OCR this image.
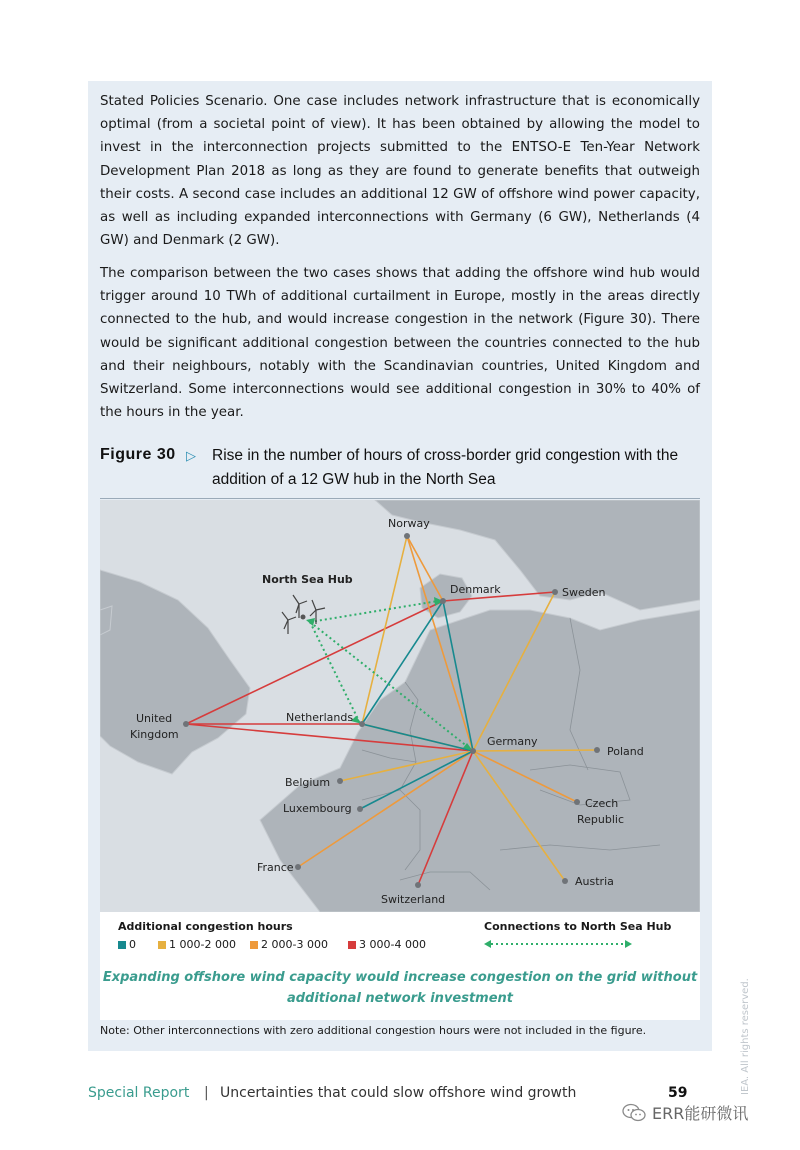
Stated Policies Scenario. One case includes network infrastructure that is economically optimal (from a societal point of view). It has been obtained by allowing the model to invest in the interconnection projects submitted to the ENTSO-E Ten-Year Network Development Plan 2018 as long as they are found to generate benefits that outweigh their costs. A second case includes an additional 12 GW of offshore wind power capacity, as well as including expanded interconnections with Germany (6 GW), Netherlands (4 GW) and Denmark (2 GW).

The comparison between the two cases shows that adding the offshore wind hub would trigger around 10 TWh of additional curtailment in Europe, mostly in the areas directly connected to the hub, and would increase congestion in the network (Figure 30). There would be significant additional congestion between the countries connected to the hub and their neighbours, notably with the Scandinavian countries, United Kingdom and Switzerland. Some interconnections would see additional congestion in 30% to 40% of the hours in the year.

Figure 30 ▷ Rise in the number of hours of cross-border grid congestion with the addition of a 12 GW hub in the North Sea
North Sea Hub
Norway
Denmark	Sweden
United
Kingdom
Netherlands
Germany
Poland
Belgium
Luxembourg	Czech
Republic
France
Austria
Switzerland
Additional congestion hours
0	1 000-2 000 2 000-3 000	3 000-4 000
Connections to North Sea Hub
Expanding offshore wind capacity would increase congestion on the grid without additional network investment
Note: Other interconnections with zero additional congestion hours were not included in the figure.
Special Report | Uncertainties that could slow offshore wind growth	59	IEA. All rights reserved.
ERR能研微讯
